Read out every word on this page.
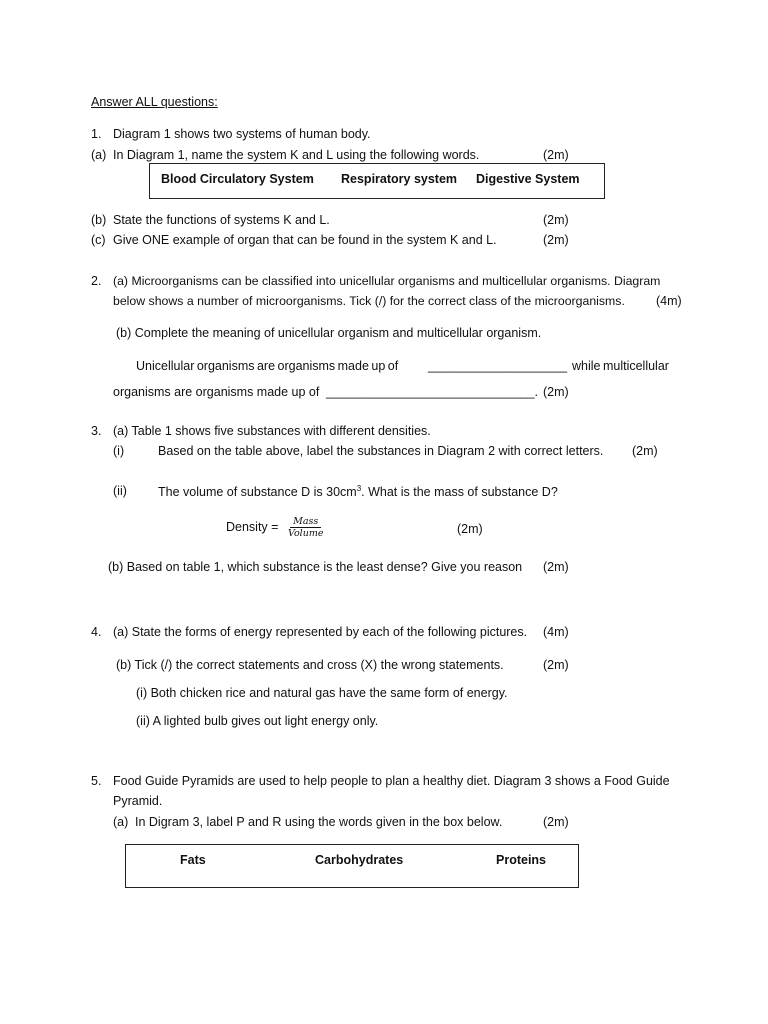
Answer ALL questions:
1. Diagram 1 shows two systems of human body.
(a) In Diagram 1, name the system K and L using the following words.	(2m)
Blood Circulatory System Respiratory system Digestive System
(b) State the functions of systems K and L.	(2m)
(c) Give ONE example of organ that can be found in the system K and L.	(2m)
2. (a) Microorganisms can be classified into unicellular organisms and multicellular organisms. Diagram
below shows a number of microorganisms. Tick (/) for the correct class of the microorganisms. (4m)
(b) Complete the meaning of unicellular organism and multicellular organism.
Unicellular organisms are organisms made up of ____________________ while multicellular
organisms are organisms made up of ______________________________. (2m)
3. (a) Table 1 shows five substances with different densities.
(i)	Based on the table above, label the substances in Diagram 2 with correct letters. (2m)
(ii) The volume of substance D is $30cm^3$. What is the mass of substance D?
Density = $\frac{\text{Mass}}{\text{Volume}}$	(2m)
(b) Based on table 1, which substance is the least dense? Give you reason (2m)
4. (a) State the forms of energy represented by each of the following pictures. (4m)
(b) Tick (/) the correct statements and cross (X) the wrong statements.	(2m)
(i) Both chicken rice and natural gas have the same form of energy.
(ii) A lighted bulb gives out light energy only.
5. Food Guide Pyramids are used to help people to plan a healthy diet. Diagram 3 shows a Food Guide
Pyramid.
(a) In Digram 3, label P and R using the words given in the box below.	(2m)
Fats	Carbohydrates	Proteins
